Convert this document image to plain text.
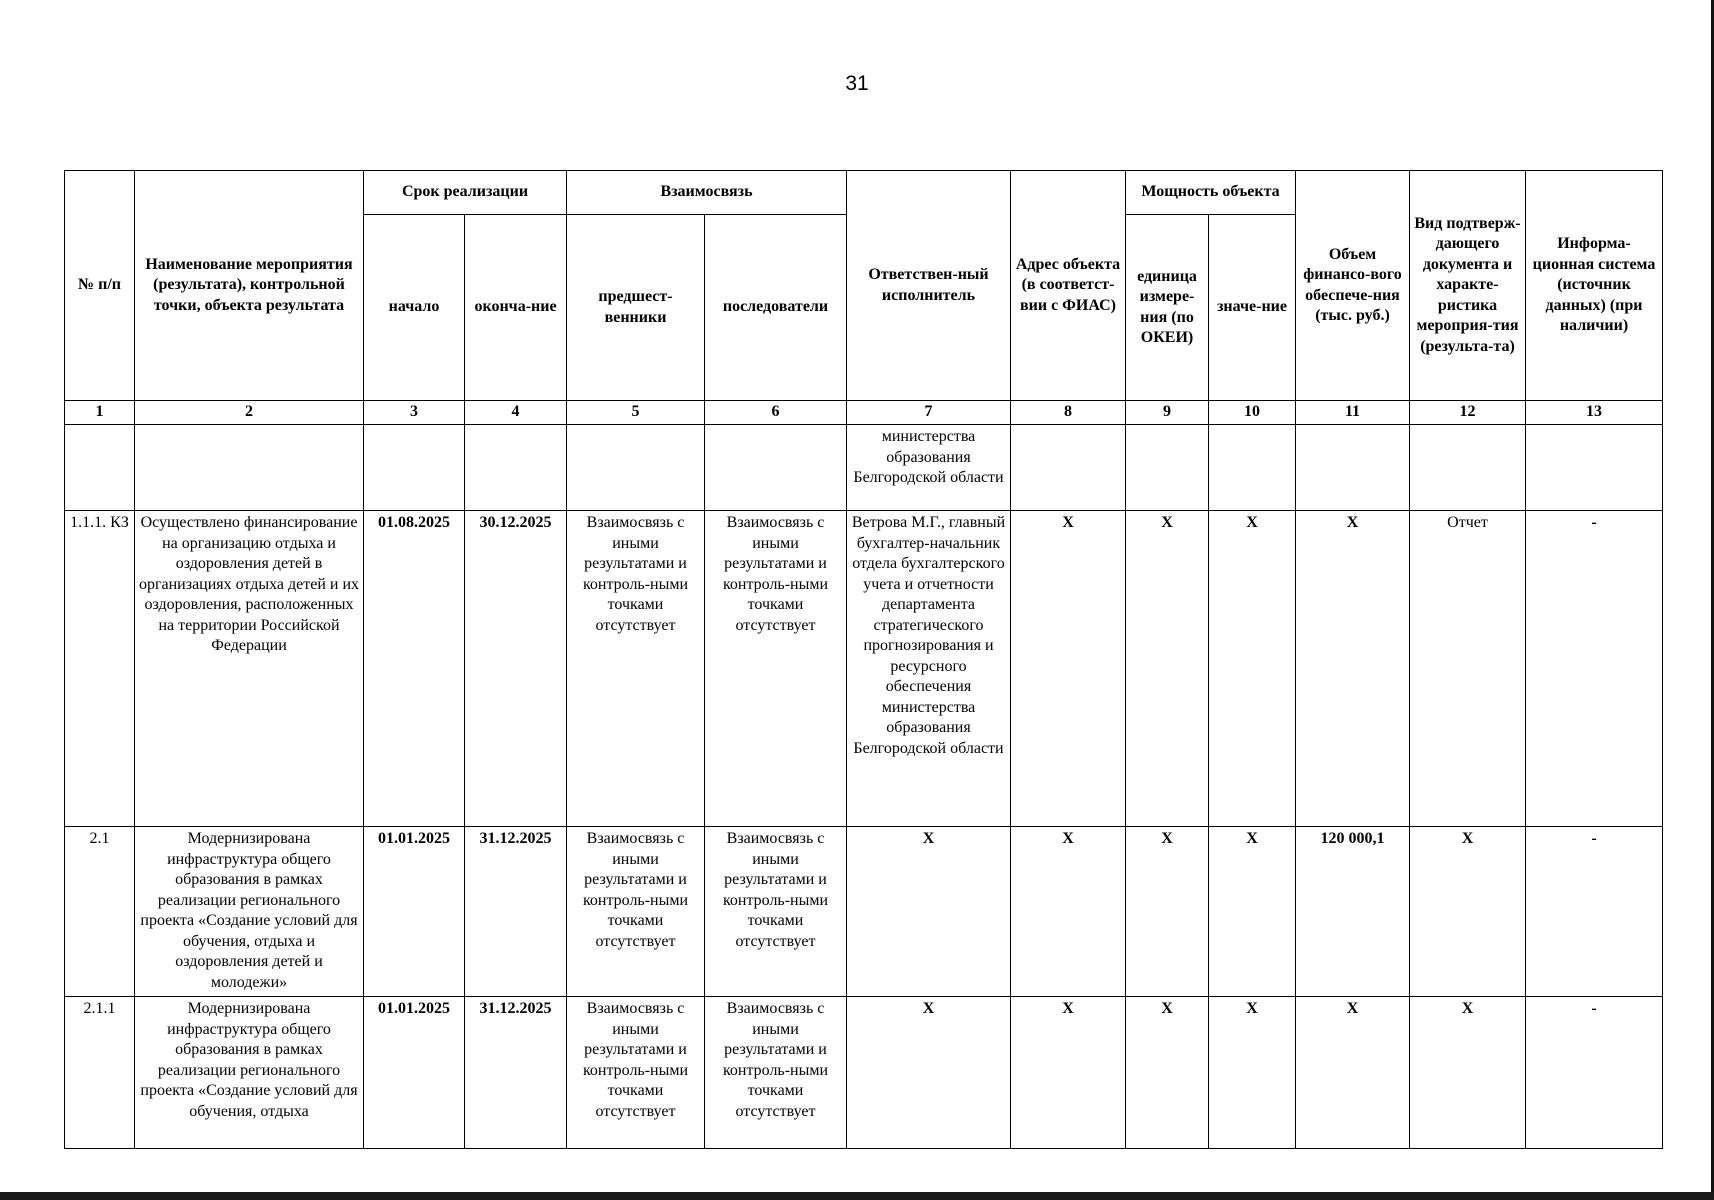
31
№ п/п	Наименование мероприятия (результата), контрольной точки, объекта результата	Срок реализации		Взаимосвязь		Ответствен-ный исполнитель	Адрес объекта (в соответст-вии с ФИАС)	Мощность объекта		Объем финансо-вого обеспече-ния (тыс. руб.)	Вид подтверж-дающего документа и характе-ристика мероприя-тия (результа-та)	Информа-ционная система (источник данных) (при наличии)
		начало	оконча-ние	предшест-венники	последователи			единица измере-ния (по ОКЕИ)	значе-ние			
1	2	3	4	5	6	7	8	9	10	11	12	13
						министерства образования Белгородской области						
1.1.1. КЗ	Осуществлено финансирование на организацию отдыха и оздоровления детей в организациях отдыха детей и их оздоровления, расположенных на территории Российской Федерации	01.08.2025	30.12.2025	Взаимосвязь с иными результатами и контроль-ными точками отсутствует	Взаимосвязь с иными результатами и контроль-ными точками отсутствует	Ветрова М.Г., главный бухгалтер-начальник отдела бухгалтерского учета и отчетности департамента стратегического прогнозирования и ресурсного обеспечения министерства образования Белгородской области	X	X	X	X	Отчет	-
2.1	Модернизирована инфраструктура общего образования в рамках реализации регионального проекта «Создание условий для обучения, отдыха и оздоровления детей и молодежи»	01.01.2025	31.12.2025	Взаимосвязь с иными результатами и контроль-ными точками отсутствует	Взаимосвязь с иными результатами и контроль-ными точками отсутствует	X	X	X	X	120 000,1	X	-
2.1.1	Модернизирована инфраструктура общего образования в рамках реализации регионального проекта «Создание условий для обучения, отдыха	01.01.2025	31.12.2025	Взаимосвязь с иными результатами и контроль-ными точками отсутствует	Взаимосвязь с иными результатами и контроль-ными точками отсутствует	X	X	X	X	X	X	-
